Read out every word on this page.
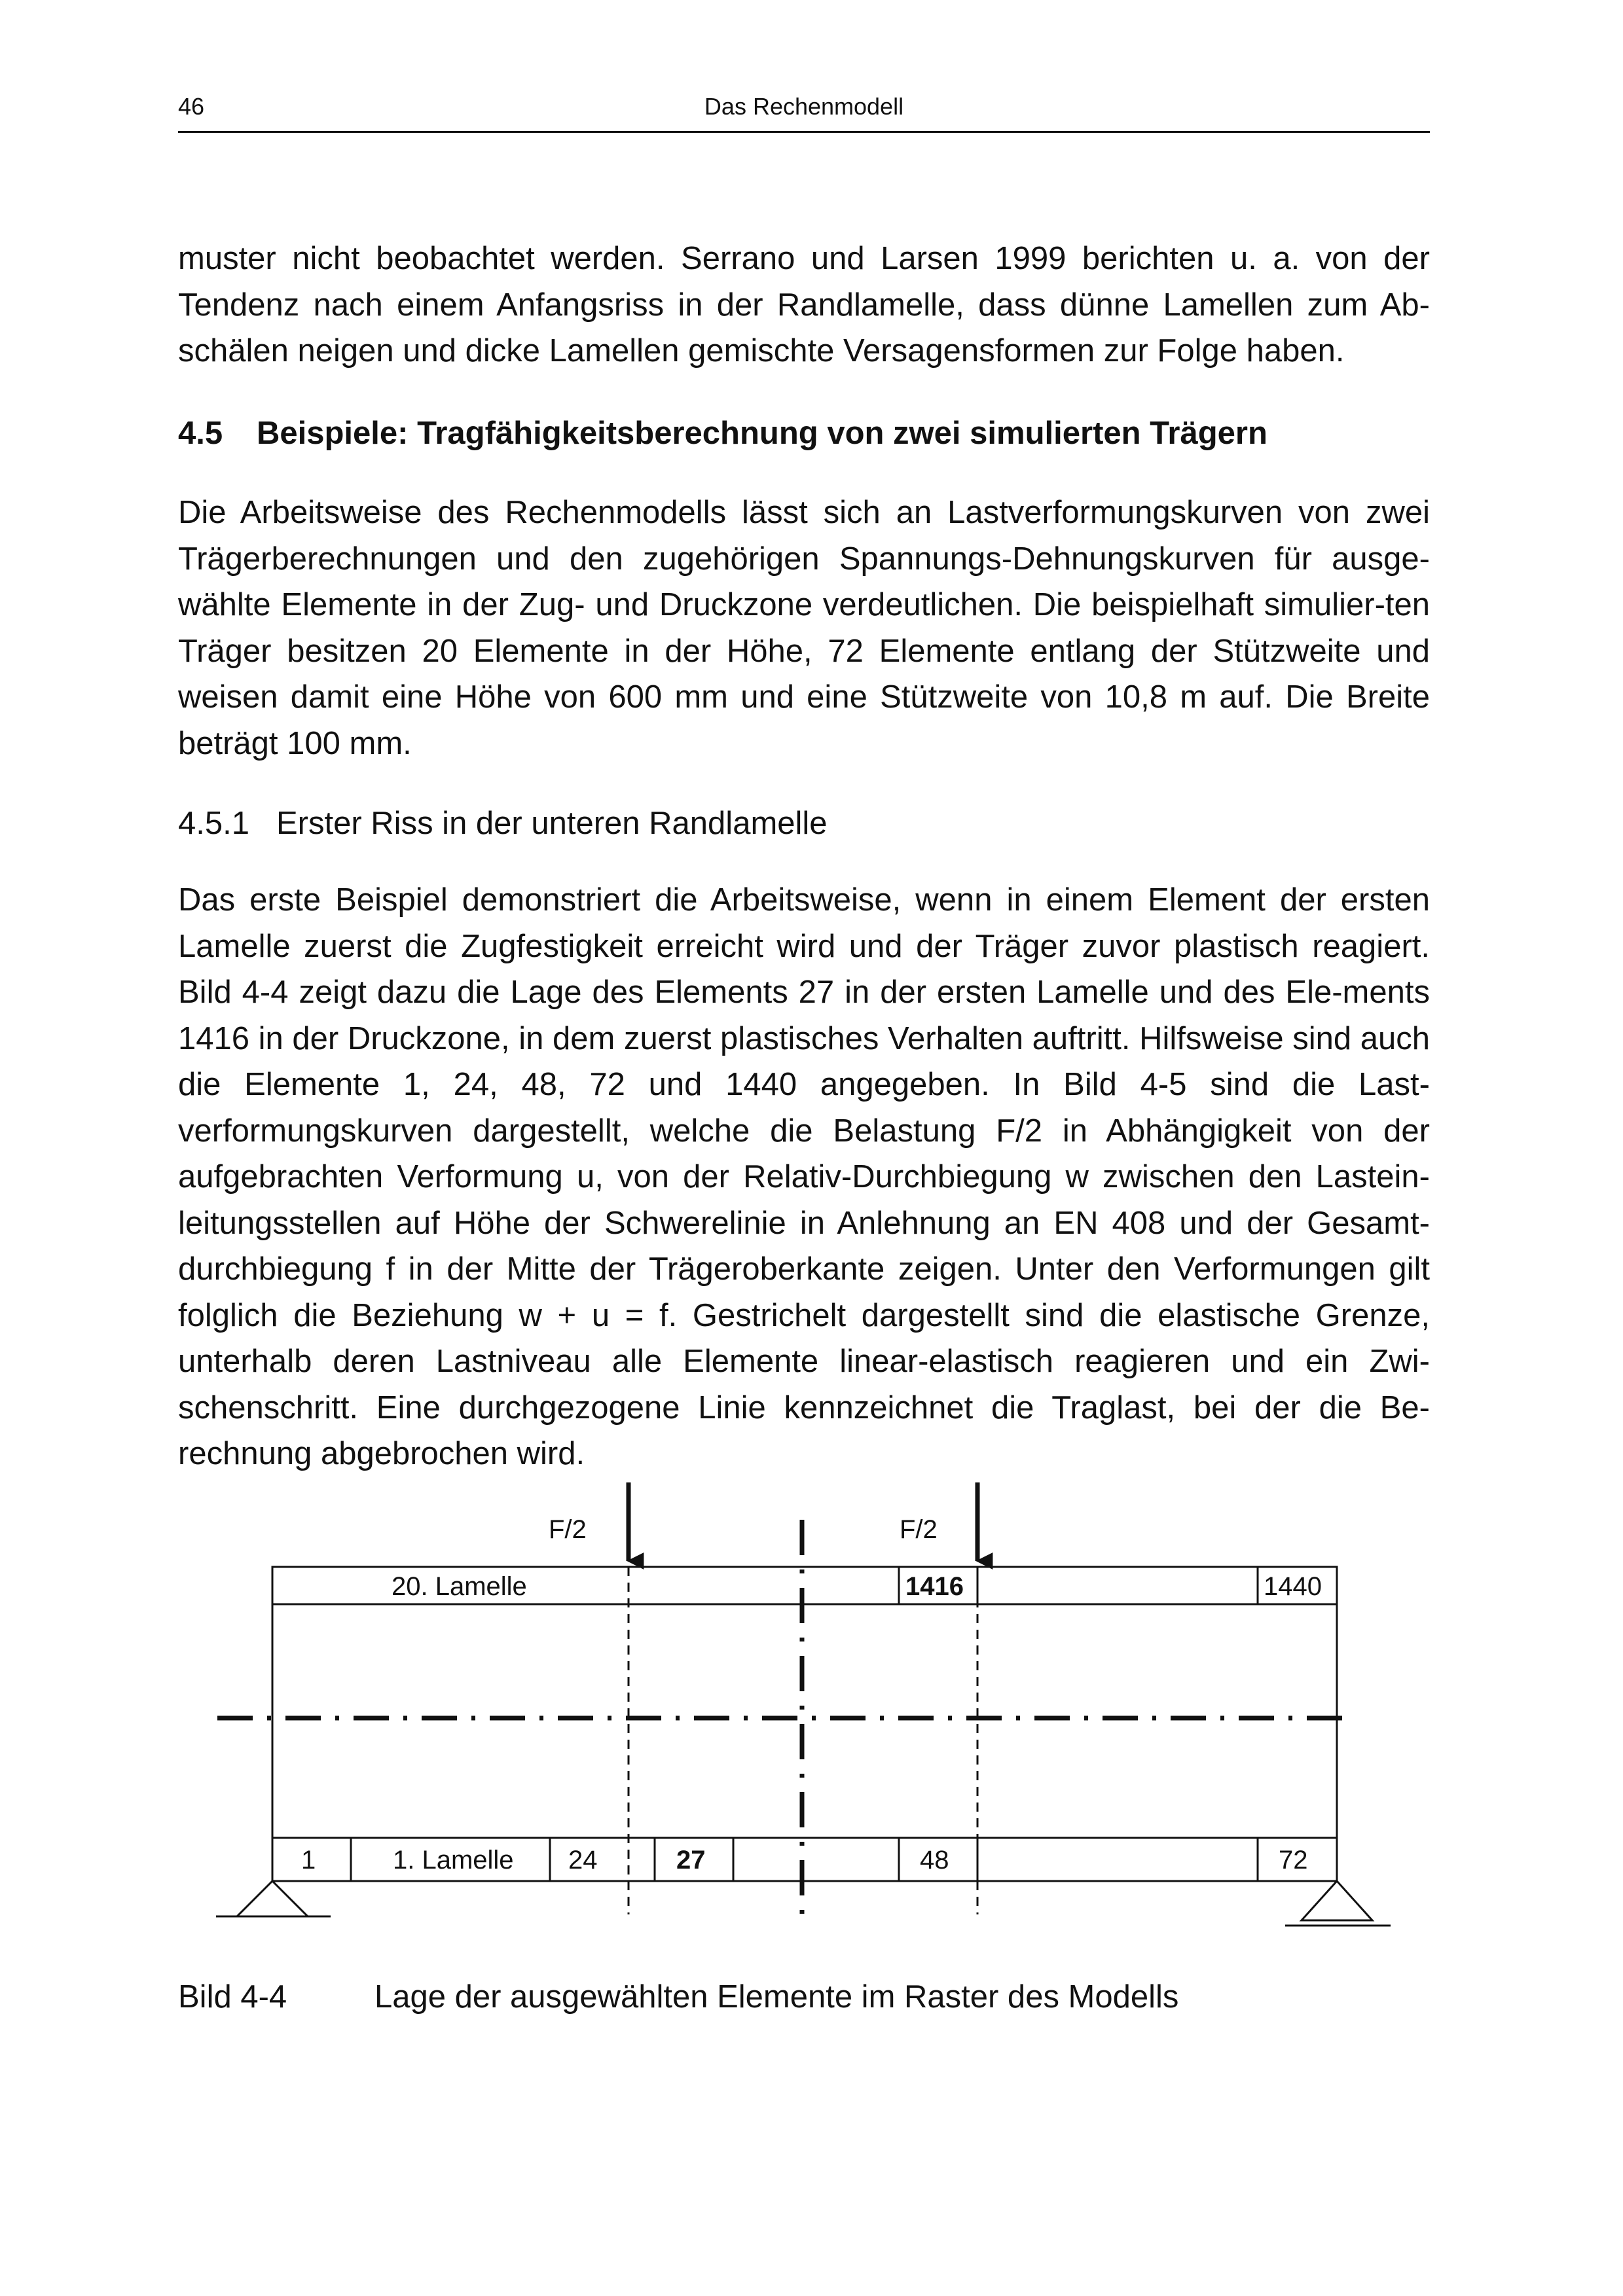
46	Das Rechenmodell

muster nicht beobachtet werden. Serrano und Larsen 1999 berichten u. a. von der Tendenz nach einem Anfangsriss in der Randlamelle, dass dünne Lamellen zum Ab-schälen neigen und dicke Lamellen gemischte Versagensformen zur Folge haben.

4.5 Beispiele: Tragfähigkeitsberechnung von zwei simulierten Trägern

Die Arbeitsweise des Rechenmodells lässt sich an Lastverformungskurven von zwei Trägerberechnungen und den zugehörigen Spannungs-Dehnungskurven für ausge-wählte Elemente in der Zug- und Druckzone verdeutlichen. Die beispielhaft simulier-ten Träger besitzen 20 Elemente in der Höhe, 72 Elemente entlang der Stützweite und weisen damit eine Höhe von 600 mm und eine Stützweite von 10,8 m auf. Die Breite beträgt 100 mm.

4.5.1 Erster Riss in der unteren Randlamelle

Das erste Beispiel demonstriert die Arbeitsweise, wenn in einem Element der ersten Lamelle zuerst die Zugfestigkeit erreicht wird und der Träger zuvor plastisch reagiert. Bild 4-4 zeigt dazu die Lage des Elements 27 in der ersten Lamelle und des Ele-ments 1416 in der Druckzone, in dem zuerst plastisches Verhalten auftritt. Hilfsweise sind auch die Elemente 1, 24, 48, 72 und 1440 angegeben. In Bild 4-5 sind die Last-verformungskurven dargestellt, welche die Belastung F/2 in Abhängigkeit von der aufgebrachten Verformung u, von der Relativ-Durchbiegung w zwischen den Lastein-leitungsstellen auf Höhe der Schwerelinie in Anlehnung an EN 408 und der Gesamt-durchbiegung f in der Mitte der Trägeroberkante zeigen. Unter den Verformungen gilt folglich die Beziehung w + u = f. Gestrichelt dargestellt sind die elastische Grenze, unterhalb deren Lastniveau alle Elemente linear-elastisch reagieren und ein Zwi-schenschritt. Eine durchgezogene Linie kennzeichnet die Traglast, bei der die Be-rechnung abgebrochen wird.

F/2	F/2
20. Lamelle	1416	1440
1	1. Lamelle 24	27	48	72
Bild 4-4	Lage der ausgewählten Elemente im Raster des Modells
